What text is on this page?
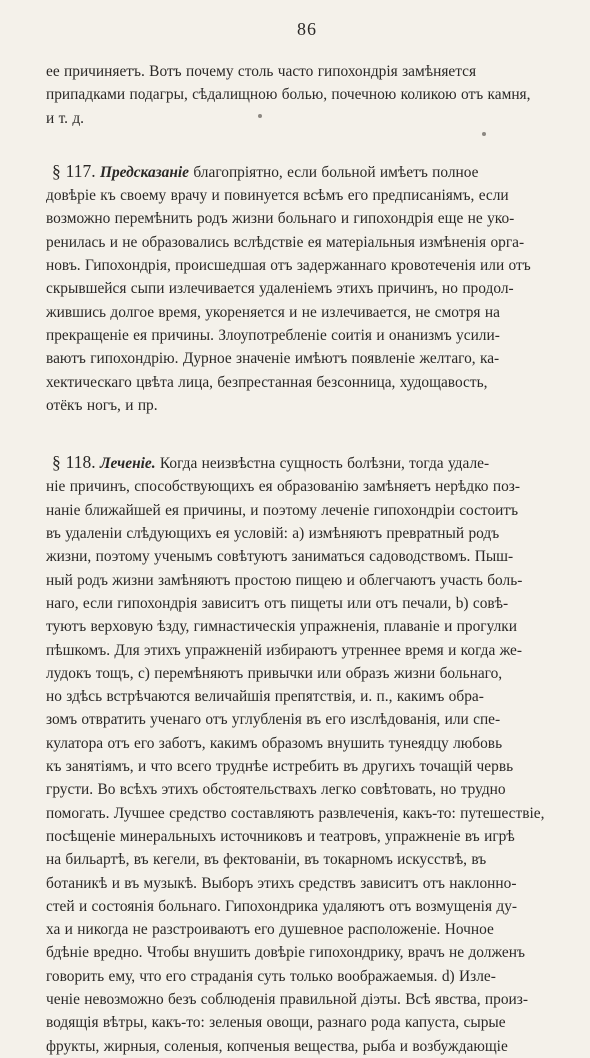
86

ее причиняетъ. Вотъ почему столь часто гипохондрія замѣняется
припадками подагры, сѣдалищною болью, почечною коликою отъ камня,
и т. д.

§ 117. Предсказаніе благопріятно, если больной имѣетъ полное
довѣріе къ своему врачу и повинуется всѣмъ его предписаніямъ, если
возможно перемѣнить родъ жизни больнаго и гипохондрія еще не уко-
ренилась и не образовались вслѣдствіе ея матеріальныя измѣненія орга-
новъ. Гипохондрія, происшедшая отъ задержаннаго кровотеченія или отъ
скрывшейся сыпи излечивается удаленіемъ этихъ причинъ, но продол-
жившись долгое время, укореняется и не излечивается, не смотря на
прекращеніе ея причины. Злоупотребленіе соитія и онанизмъ усили-
ваютъ гипохондрію. Дурное значеніе имѣютъ появленіе желтаго, ка-
хектическаго цвѣта лица, безпрестанная безсонница, худощавость,
отёкъ ногъ, и пр.

§ 118. Леченіе. Когда неизвѣстна сущность болѣзни, тогда удале-
ніе причинъ, способствующихъ ея образованію замѣняетъ нерѣдко поз-
наніе ближайшей ея причины, и поэтому леченіе гипохондріи состоитъ
въ удаленіи слѣдующихъ ея условій: а) измѣняютъ превратный родъ
жизни, поэтому ученымъ совѣтуютъ заниматься садоводствомъ. Пыш-
ный родъ жизни замѣняютъ простою пищею и облегчаютъ участь боль-
наго, если гипохондрія зависитъ отъ пищеты или отъ печали, b) совѣ-
туютъ верховую ѣзду, гимнастическія упражненія, плаваніе и прогулки
пѣшкомъ. Для этихъ упражненій избираютъ утреннее время и когда же-
лудокъ тощъ, с) перемѣняютъ привычки или образъ жизни больнаго,
но здѣсь встрѣчаются величайшія препятствія, и. п., какимъ обра-
зомъ отвратить ученаго отъ углубленія въ его изслѣдованія, или спе-
кулатора отъ его заботъ, какимъ образомъ внушить тунеядцу любовь
къ занятіямъ, и что всего труднѣе истребить въ другихъ точащій червь
грусти. Во всѣхъ этихъ обстоятельствахъ легко совѣтовать, но трудно
помогать. Лучшее средство составляютъ развлеченія, какъ-то: путешествіе,
посѣщеніе минеральныхъ источниковъ и театровъ, упражненіе въ игрѣ
на бильартѣ, въ кегели, въ фектованіи, въ токарномъ искусствѣ, въ
ботаникѣ и въ музыкѣ. Выборъ этихъ средствъ зависитъ отъ наклонно-
стей и состоянія больнаго. Гипохондрика удаляютъ отъ возмущенія ду-
ха и никогда не разстроиваютъ его душевное расположеніе. Ночное
бдѣніе вредно. Чтобы внушить довѣріе гипохондрику, врачъ не долженъ
говорить ему, что его страданія суть только воображаемыя. d) Изле-
ченіе невозможно безъ соблюденія правильной діэты. Всѣ явства, произ-
водящія вѣтры, какъ-то: зеленыя овощи, разнаго рода капуста, сырые
фрукты, жирныя, соленыя, копченыя вещества, рыба и возбуждающіе
